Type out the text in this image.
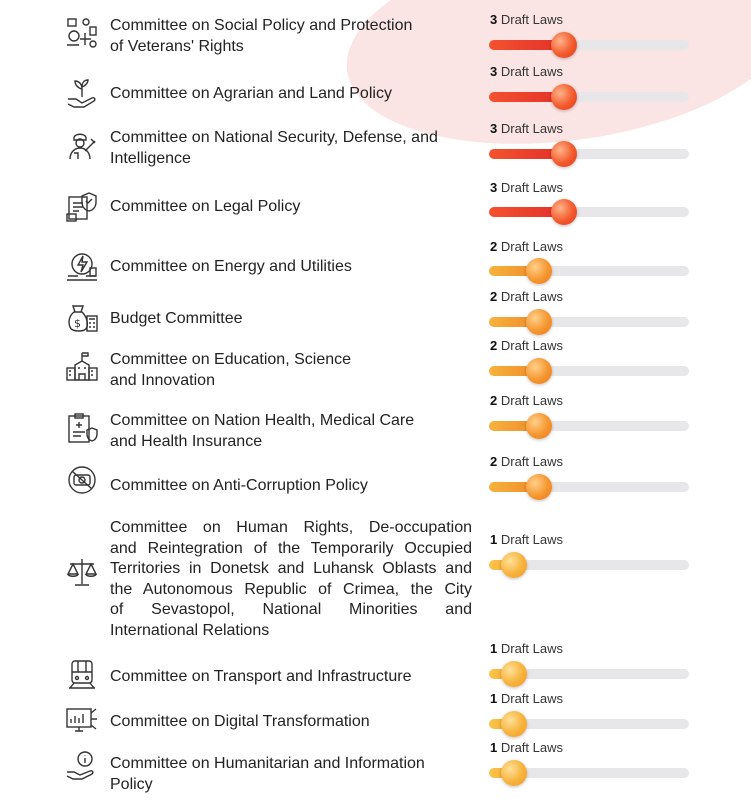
Committee on Social Policy and Protection
of Veterans' Rights
3 Draft Laws
Committee on Agrarian and Land Policy
3 Draft Laws
Committee on National Security, Defense, and
Intelligence
3 Draft Laws
Committee on Legal Policy
3 Draft Laws
Committee on Energy and Utilities
2 Draft Laws
$ Budget Committee
2 Draft Laws
Committee on Education, Science
and Innovation
2 Draft Laws
Committee on Nation Health, Medical Care
and Health Insurance
2 Draft Laws
Committee on Anti-Corruption Policy
2 Draft Laws
Committee on Human Rights, De-occupation
and Reintegration of the Temporarily Occupied
Territories in Donetsk and Luhansk Oblasts and
the Autonomous Republic of Crimea, the City
of Sevastopol, National Minorities and
International Relations
1 Draft Laws
Committee on Transport and Infrastructure
1 Draft Laws
Committee on Digital Transformation
1 Draft Laws
Committee on Humanitarian and Information
Policy
1 Draft Laws
